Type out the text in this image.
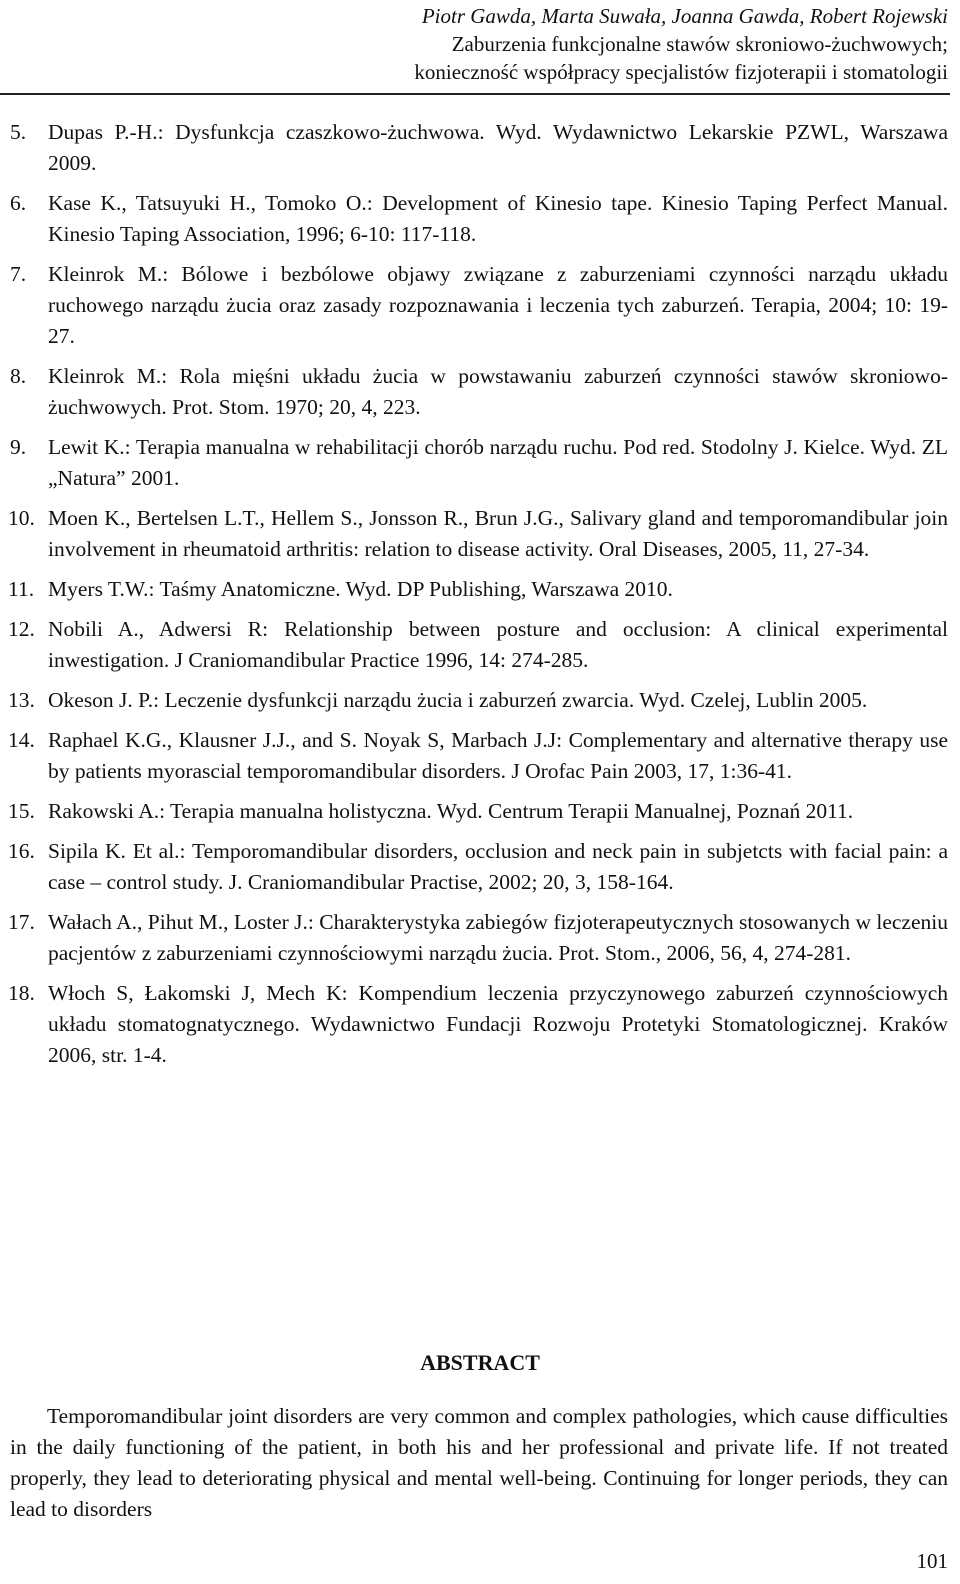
Piotr Gawda, Marta Suwała, Joanna Gawda, Robert Rojewski
Zaburzenia funkcjonalne stawów skroniowo-żuchwowych;
konieczność współpracy specjalistów fizjoterapii i stomatologii
5. Dupas P.-H.: Dysfunkcja czaszkowo-żuchwowa. Wyd. Wydawnictwo Lekarskie PZWL, Warszawa 2009.
6. Kase K., Tatsuyuki H., Tomoko O.: Development of Kinesio tape. Kinesio Taping Perfect Manual. Kinesio Taping Association, 1996; 6-10: 117-118.
7. Kleinrok M.: Bólowe i bezbólowe objawy związane z zaburzeniami czynności narządu układu ruchowego narządu żucia oraz zasady rozpoznawania i leczenia tych zaburzeń. Terapia, 2004; 10: 19-27.
8. Kleinrok M.: Rola mięśni układu żucia w powstawaniu zaburzeń czynności stawów skroniowo-żuchwowych. Prot. Stom. 1970; 20, 4, 223.
9. Lewit K.: Terapia manualna w rehabilitacji chorób narządu ruchu. Pod red. Stodolny J. Kielce. Wyd. ZL „Natura” 2001.
10. Moen K., Bertelsen L.T., Hellem S., Jonsson R., Brun J.G., Salivary gland and temporomandibular join involvement in rheumatoid arthritis: relation to disease activity. Oral Diseases, 2005, 11, 27-34.
11. Myers T.W.: Taśmy Anatomiczne. Wyd. DP Publishing, Warszawa 2010.
12. Nobili A., Adwersi R: Relationship between posture and occlusion: A clinical experimental inwestigation. J Craniomandibular Practice 1996, 14: 274-285.
13. Okeson J. P.: Leczenie dysfunkcji narządu żucia i zaburzeń zwarcia. Wyd. Czelej, Lublin 2005.
14. Raphael K.G., Klausner J.J., and S. Noyak S, Marbach J.J: Complementary and alternative therapy use by patients myorascial temporomandibular disorders. J Orofac Pain 2003, 17, 1:36-41.
15. Rakowski A.: Terapia manualna holistyczna. Wyd. Centrum Terapii Manualnej, Poznań 2011.
16. Sipila K. Et al.: Temporomandibular disorders, occlusion and neck pain in subjetcts with facial pain: a case – control study. J. Craniomandibular Practise, 2002; 20, 3, 158-164.
17. Wałach A., Pihut M., Loster J.: Charakterystyka zabiegów fizjoterapeutycznych stosowanych w leczeniu pacjentów z zaburzeniami czynnościowymi narządu żucia. Prot. Stom., 2006, 56, 4, 274-281.
18. Włoch S, Łakomski J, Mech K: Kompendium leczenia przyczynowego zaburzeń czynnościowych układu stomatognatycznego. Wydawnictwo Fundacji Rozwoju Protetyki Stomatologicznej. Kraków 2006, str. 1-4.
ABSTRACT

Temporomandibular joint disorders are very common and complex pathologies, which cause difficulties in the daily functioning of the patient, in both his and her professional and private life. If not treated properly, they lead to deteriorating physical and mental well-being. Continuing for longer periods, they can lead to disorders

101
